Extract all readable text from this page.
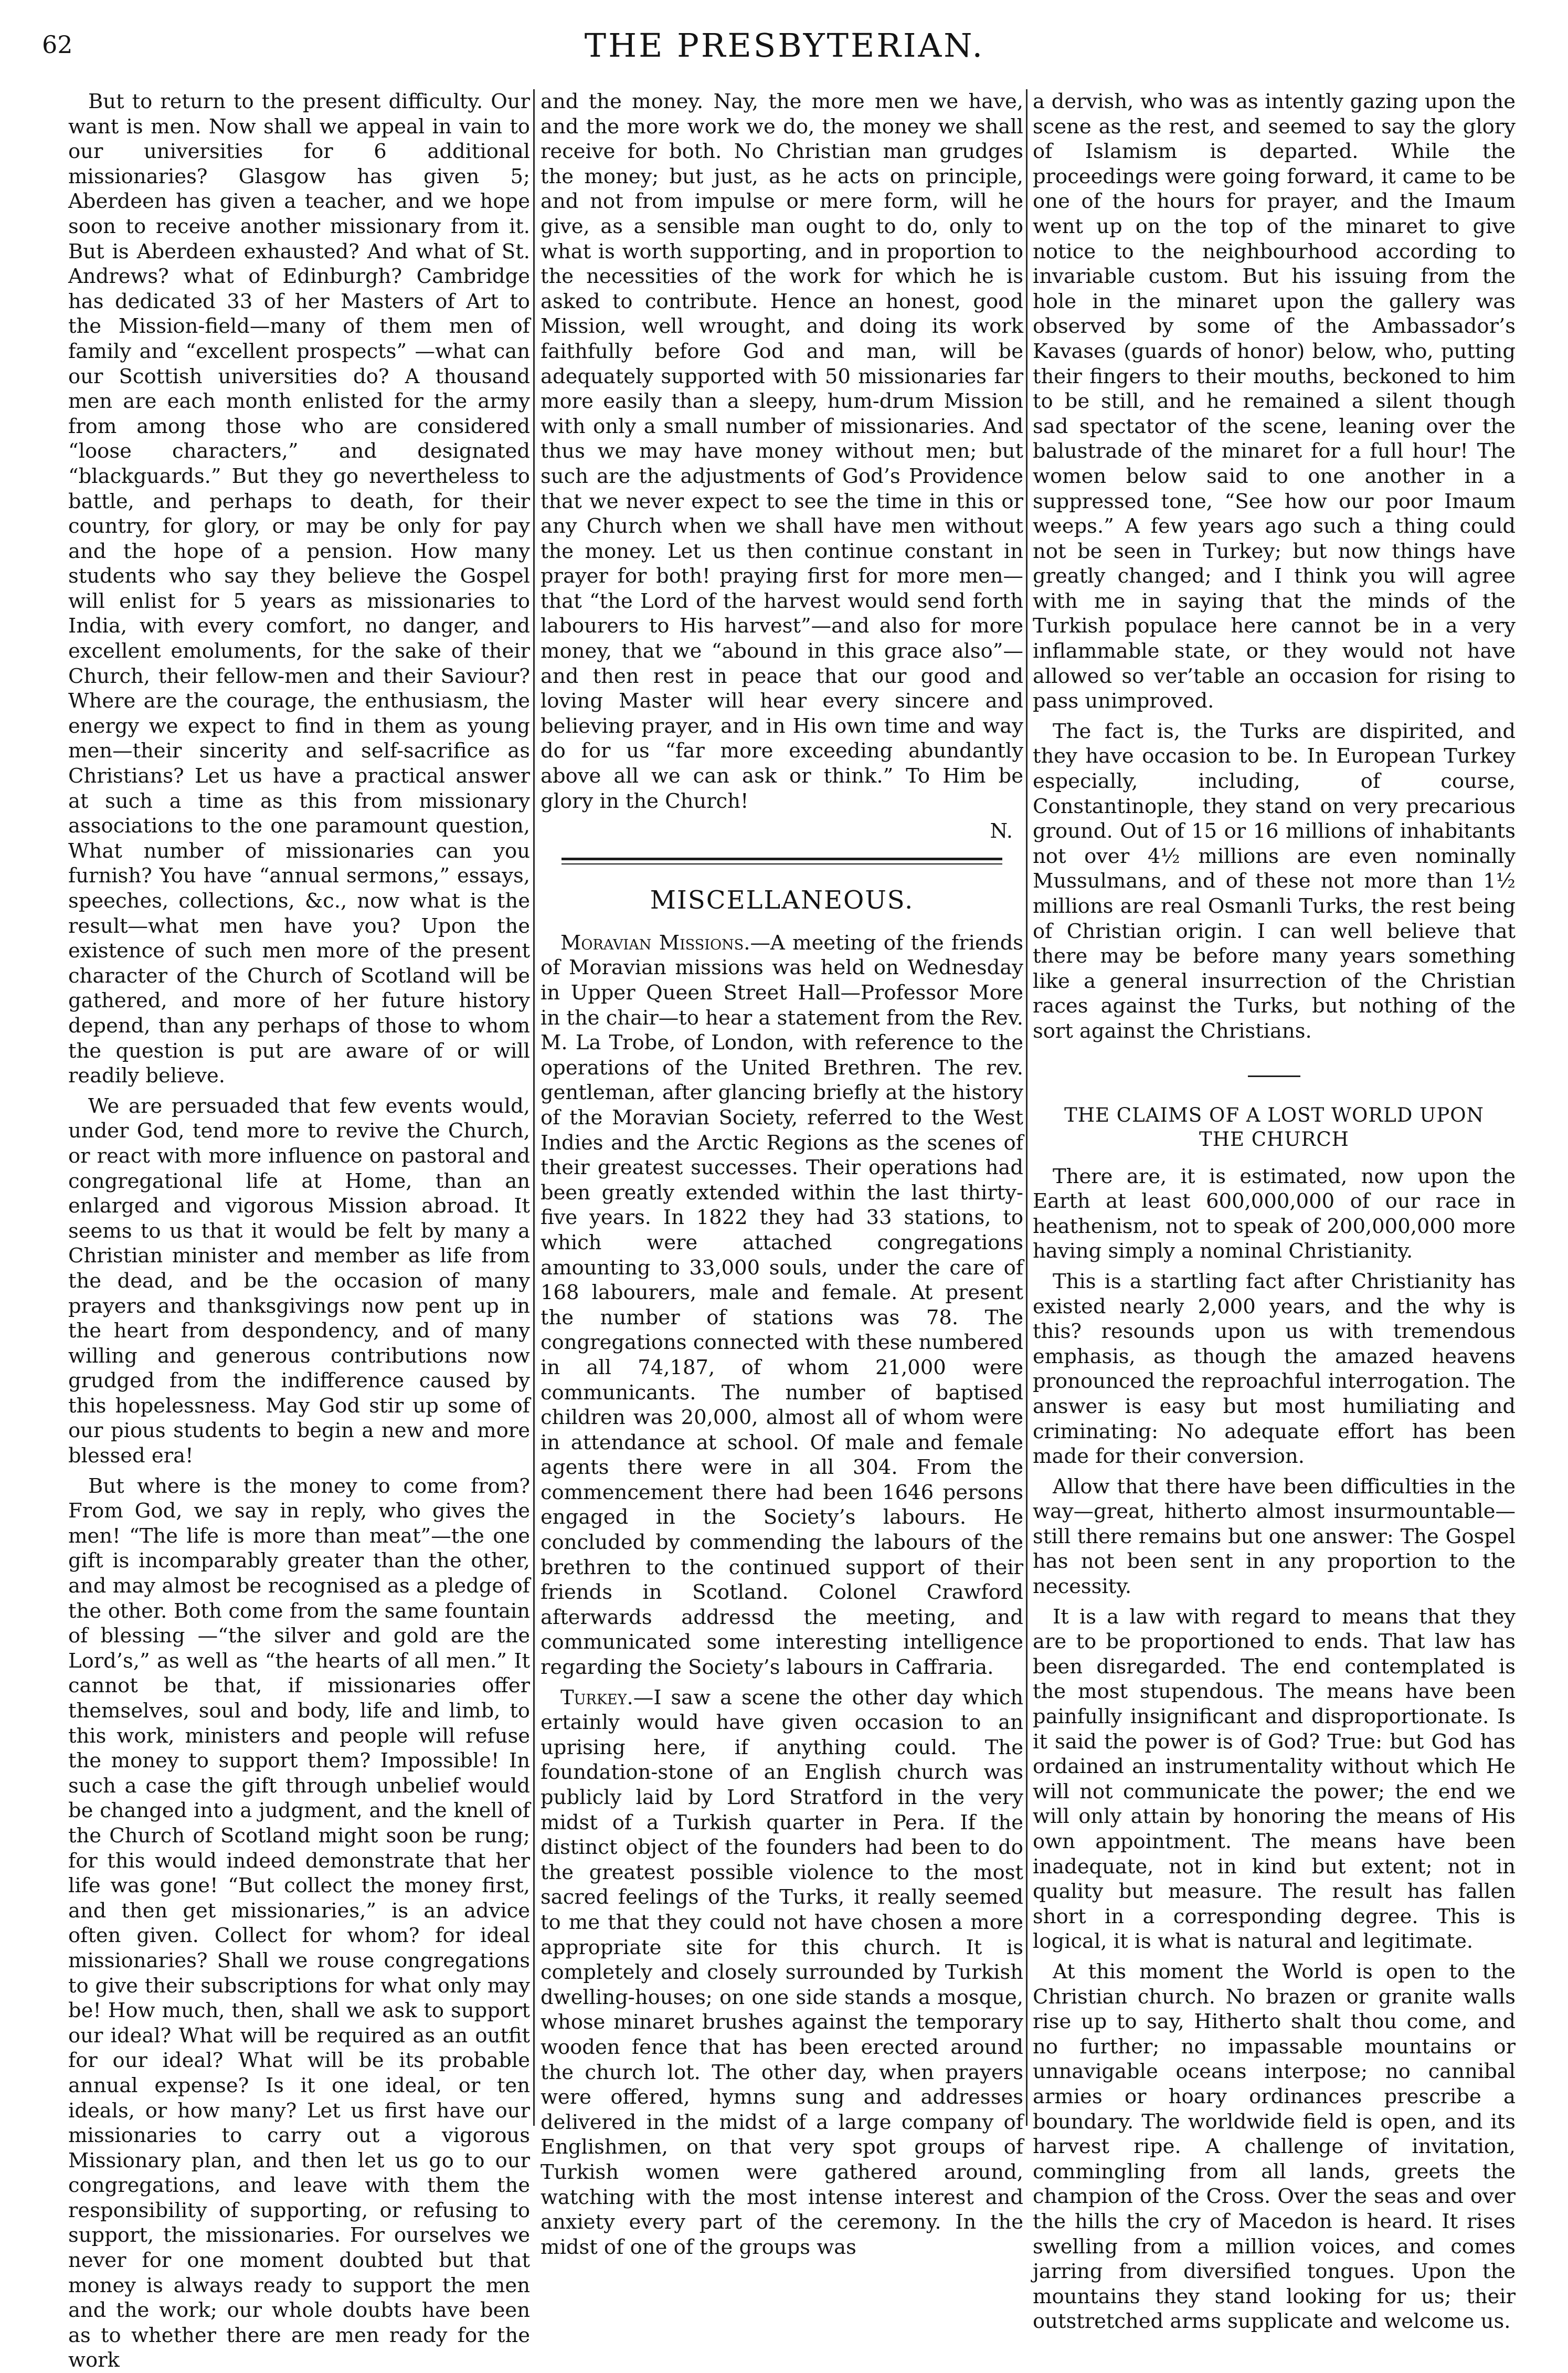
62	THE PRESBYTERIAN.

But to return to the present difficulty. Our want is men. Now shall we appeal in vain to our universities for 6 additional missionaries? Glasgow has given 5; Aberdeen has given a teacher, and we hope soon to receive another missionary from it. But is Aberdeen exhausted? And what of St. Andrews? what of Edinburgh? Cambridge has dedicated 33 of her Masters of Art to the Mission-field—many of them men of family and “excellent prospects” —what can our Scottish universities do? A thousand men are each month enlisted for the army from among those who are considered “loose characters,” and designated “blackguards.” But they go nevertheless to battle, and perhaps to death, for their country, for glory, or may be only for pay and the hope of a pension. How many students who say they believe the Gospel will enlist for 5 years as missionaries to India, with every comfort, no danger, and excellent emoluments, for the sake of their Church, their fellow-men and their Saviour? Where are the courage, the enthusiasm, the energy we expect to find in them as young men—their sincerity and self-sacrifice as Christians? Let us have a practical answer at such a time as this from missionary associations to the one paramount question, What number of missionaries can you furnish? You have “annual sermons,” essays, speeches, collections, &c., now what is the result—what men have you? Upon the existence of such men more of the present character of the Church of Scotland will be gathered, and more of her future history depend, than any perhaps of those to whom the question is put are aware of or will readily believe.

We are persuaded that few events would, under God, tend more to revive the Church, or react with more influence on pastoral and congregational life at Home, than an enlarged and vigorous Mission abroad. It seems to us that it would be felt by many a Christian minister and member as life from the dead, and be the occasion of many prayers and thanksgivings now pent up in the heart from despondency, and of many willing and generous contributions now grudged from the indifference caused by this hopelessness. May God stir up some of our pious students to begin a new and more blessed era!

But where is the money to come from? From God, we say in reply, who gives the men! “The life is more than meat”—the one gift is incomparably greater than the other, and may almost be recognised as a pledge of the other. Both come from the same fountain of blessing —“the silver and gold are the Lord’s,” as well as “the hearts of all men.” It cannot be that, if missionaries offer themselves, soul and body, life and limb, to this work, ministers and people will refuse the money to support them? Impossible! In such a case the gift through unbelief would be changed into a judgment, and the knell of the Church of Scotland might soon be rung; for this would indeed demonstrate that her life was gone! “But collect the money first, and then get missionaries,” is an advice often given. Collect for whom? for ideal missionaries? Shall we rouse congregations to give their subscriptions for what only may be! How much, then, shall we ask to support our ideal? What will be required as an outfit for our ideal? What will be its probable annual expense? Is it one ideal, or ten ideals, or how many? Let us first have our missionaries to carry out a vigorous Missionary plan, and then let us go to our congregations, and leave with them the responsibility of supporting, or refusing to support, the missionaries. For ourselves we never for one moment doubted but that money is always ready to support the men and the work; our whole doubts have been as to whether there are men ready for the work

and the money. Nay, the more men we have, and the more work we do, the money we shall receive for both. No Christian man grudges the money; but just, as he acts on principle, and not from impulse or mere form, will he give, as a sensible man ought to do, only to what is worth supporting, and in proportion to the necessities of the work for which he is asked to contribute. Hence an honest, good Mission, well wrought, and doing its work faithfully before God and man, will be adequately supported with 50 missionaries far more easily than a sleepy, hum-drum Mission with only a small number of missionaries. And thus we may have money without men; but such are the adjustments of God’s Providence that we never expect to see the time in this or any Church when we shall have men without the money. Let us then continue constant in prayer for both! praying first for more men—that “the Lord of the harvest would send forth labourers to His harvest”—and also for more money, that we “abound in this grace also”—and then rest in peace that our good and loving Master will hear every sincere and believing prayer, and in His own time and way do for us “far more exceeding abundantly above all we can ask or think.” To Him be glory in the Church!

N.
MISCELLANEOUS.

Moravian Missions.—A meeting of the friends of Moravian missions was held on Wednesday in Upper Queen Street Hall—Professor More in the chair—to hear a statement from the Rev. M. La Trobe, of London, with reference to the operations of the United Brethren. The rev. gentleman, after glancing briefly at the history of the Moravian Society, referred to the West Indies and the Arctic Regions as the scenes of their greatest successes. Their operations had been greatly extended within the last thirty-five years. In 1822 they had 33 stations, to which were attached congregations amounting to 33,000 souls, under the care of 168 labourers, male and female. At present the number of stations was 78. The congregations connected with these numbered in all 74,187, of whom 21,000 were communicants. The number of baptised children was 20,000, almost all of whom were in attendance at school. Of male and female agents there were in all 304. From the commencement there had been 1646 persons engaged in the Society’s labours. He concluded by commending the labours of the brethren to the continued support of their friends in Scotland. Colonel Crawford afterwards addressd the meeting, and communicated some interesting intelligence regarding the Society’s labours in Caffraria.

Turkey.—I saw a scene the other day which ertainly would have given occasion to an uprising here, if anything could. The foundation-stone of an English church was publicly laid by Lord Stratford in the very midst of a Turkish quarter in Pera. If the distinct object of the founders had been to do the greatest possible violence to the most sacred feelings of the Turks, it really seemed to me that they could not have chosen a more appropriate site for this church. It is completely and closely surrounded by Turkish dwelling-houses; on one side stands a mosque, whose minaret brushes against the temporary wooden fence that has been erected around the church lot. The other day, when prayers were offered, hymns sung and addresses delivered in the midst of a large company of Englishmen, on that very spot groups of Turkish women were gathered around, watching with the most intense interest and anxiety every part of the ceremony. In the midst of one of the groups was

a dervish, who was as intently gazing upon the scene as the rest, and seemed to say the glory of Islamism is departed. While the proceedings were going forward, it came to be one of the hours for prayer, and the Imaum went up on the top of the minaret to give notice to the neighbourhood according to invariable custom. But his issuing from the hole in the minaret upon the gallery was observed by some of the Ambassador’s Kavases (guards of honor) below, who, putting their fingers to their mouths, beckoned to him to be still, and he remained a silent though sad spectator of the scene, leaning over the balustrade of the minaret for a full hour! The women below said to one another in a suppressed tone, “See how our poor Imaum weeps.” A few years ago such a thing could not be seen in Turkey; but now things have greatly changed; and I think you will agree with me in saying that the minds of the Turkish populace here cannot be in a very inflammable state, or they would not have allowed so ver’table an occasion for rising to pass unimproved.

The fact is, the Turks are dispirited, and they have occasion to be. In European Turkey especially, including, of course, Constantinople, they stand on very precarious ground. Out of 15 or 16 millions of inhabitants not over 4½ millions are even nominally Mussulmans, and of these not more than 1½ millions are real Osmanli Turks, the rest being of Christian origin. I can well believe that there may be before many years something like a general insurrection of the Christian races against the Turks, but nothing of the sort against the Christians.

THE CLAIMS OF A LOST WORLD UPON THE CHURCH

There are, it is estimated, now upon the Earth at least 600,000,000 of our race in heathenism, not to speak of 200,000,000 more having simply a nominal Christianity.

This is a startling fact after Christianity has existed nearly 2,000 years, and the why is this? resounds upon us with tremendous emphasis, as though the amazed heavens pronounced the reproachful interrogation. The answer is easy but most humiliating and criminating: No adequate effort has been made for their conversion.

Allow that there have been difficulties in the way—great, hitherto almost insurmountable—still there remains but one answer: The Gospel has not been sent in any proportion to the necessity.

It is a law with regard to means that they are to be proportioned to ends. That law has been disregarded. The end contemplated is the most stupendous. The means have been painfully insignificant and disproportionate. Is it said the power is of God? True: but God has ordained an instrumentality without which He will not communicate the power; the end we will only attain by honoring the means of His own appointment. The means have been inadequate, not in kind but extent; not in quality but measure. The result has fallen short in a corresponding degree. This is logical, it is what is natural and legitimate.

At this moment the World is open to the Christian church. No brazen or granite walls rise up to say, Hitherto shalt thou come, and no further; no impassable mountains or unnavigable oceans interpose; no cannibal armies or hoary ordinances prescribe a boundary. The worldwide field is open, and its harvest ripe. A challenge of invitation, commingling from all lands, greets the champion of the Cross. Over the seas and over the hills the cry of Macedon is heard. It rises swelling from a million voices, and comes jarring from diversified tongues. Upon the mountains they stand looking for us; their outstretched arms supplicate and welcome us.
